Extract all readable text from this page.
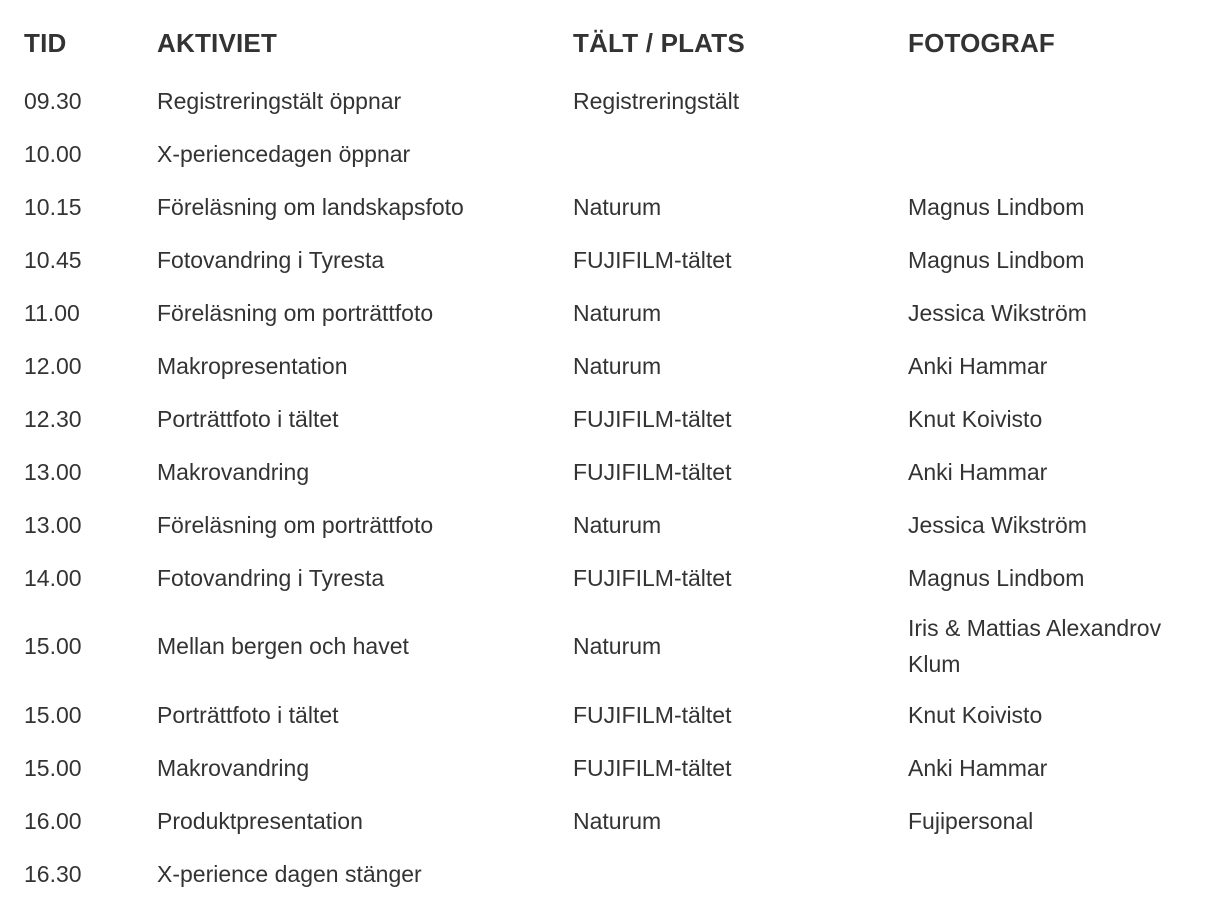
TID	AKTIVIET	TÄLT / PLATS	FOTOGRAF
09.30	Registreringstält öppnar	Registreringstält	
10.00	X-periencedagen öppnar		
10.15	Föreläsning om landskapsfoto	Naturum	Magnus Lindbom
10.45	Fotovandring i Tyresta	FUJIFILM-tältet	Magnus Lindbom
11.00	Föreläsning om porträttfoto	Naturum	Jessica Wikström
12.00	Makropresentation	Naturum	Anki Hammar
12.30	Porträttfoto i tältet	FUJIFILM-tältet	Knut Koivisto
13.00	Makrovandring	FUJIFILM-tältet	Anki Hammar
13.00	Föreläsning om porträttfoto	Naturum	Jessica Wikström
14.00	Fotovandring i Tyresta	FUJIFILM-tältet	Magnus Lindbom
15.00	Mellan bergen och havet	Naturum	Iris & Mattias Alexandrov Klum
15.00	Porträttfoto i tältet	FUJIFILM-tältet	Knut Koivisto
15.00	Makrovandring	FUJIFILM-tältet	Anki Hammar
16.00	Produktpresentation	Naturum	Fujipersonal
16.30	X-perience dagen stänger		
